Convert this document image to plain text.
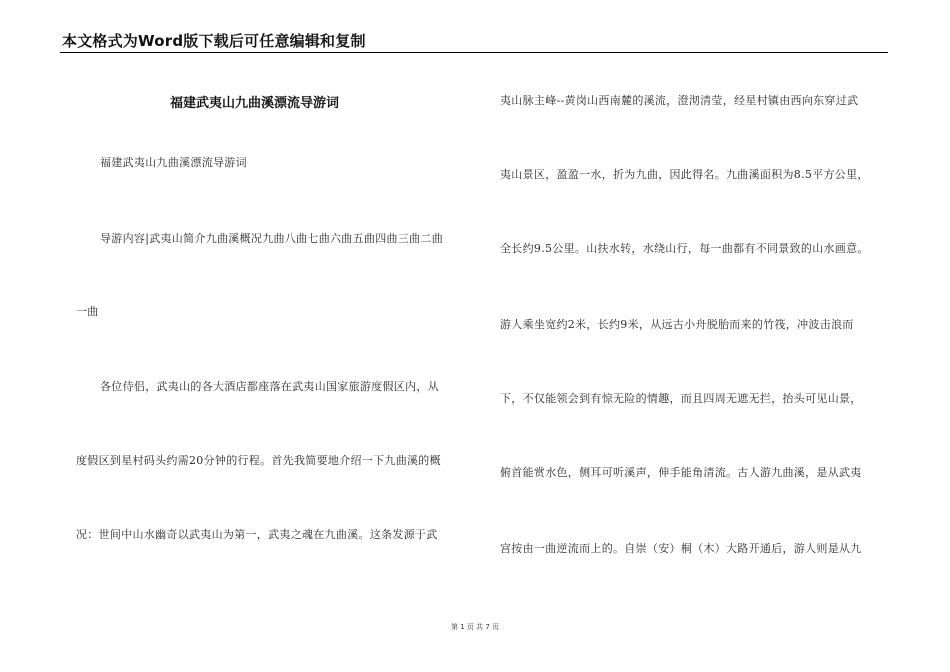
本文格式为Word版下载后可任意编辑和复制
福建武夷山九曲溪漂流导游词
福建武夷山九曲溪漂流导游词
导游内容|武夷山简介九曲溪概况九曲八曲七曲六曲五曲四曲三曲二曲
一曲
各位侍侣，武夷山的各大酒店都座落在武夷山国家旅游度假区内，从
度假区到星村码头约需20分钟的行程。首先我简要地介绍一下九曲溪的概
况：世间中山水幽奇以武夷山为第一，武夷之魂在九曲溪。这条发源于武
夷山脉主峰--黄岗山西南麓的溪流，澄沏清莹，经星村镇由西向东穿过武
夷山景区，盈盈一水，折为九曲，因此得名。九曲溪面积为8.5平方公里，
全长约9.5公里。山扶水转，水绕山行，每一曲都有不同景致的山水画意。
游人乘坐宽约2米，长约9米，从远古小舟脱胎而来的竹筏，冲波击浪而
下，不仅能领会到有惊无险的情趣，而且四周无遮无拦，抬头可见山景，
俯首能赏水色，侧耳可听溪声，伸手能角清流。古人游九曲溪，是从武夷
宫按由一曲逆流而上的。自崇（安）桐（木）大路开通后，游人则是从九
第 1 页 共 7 页
